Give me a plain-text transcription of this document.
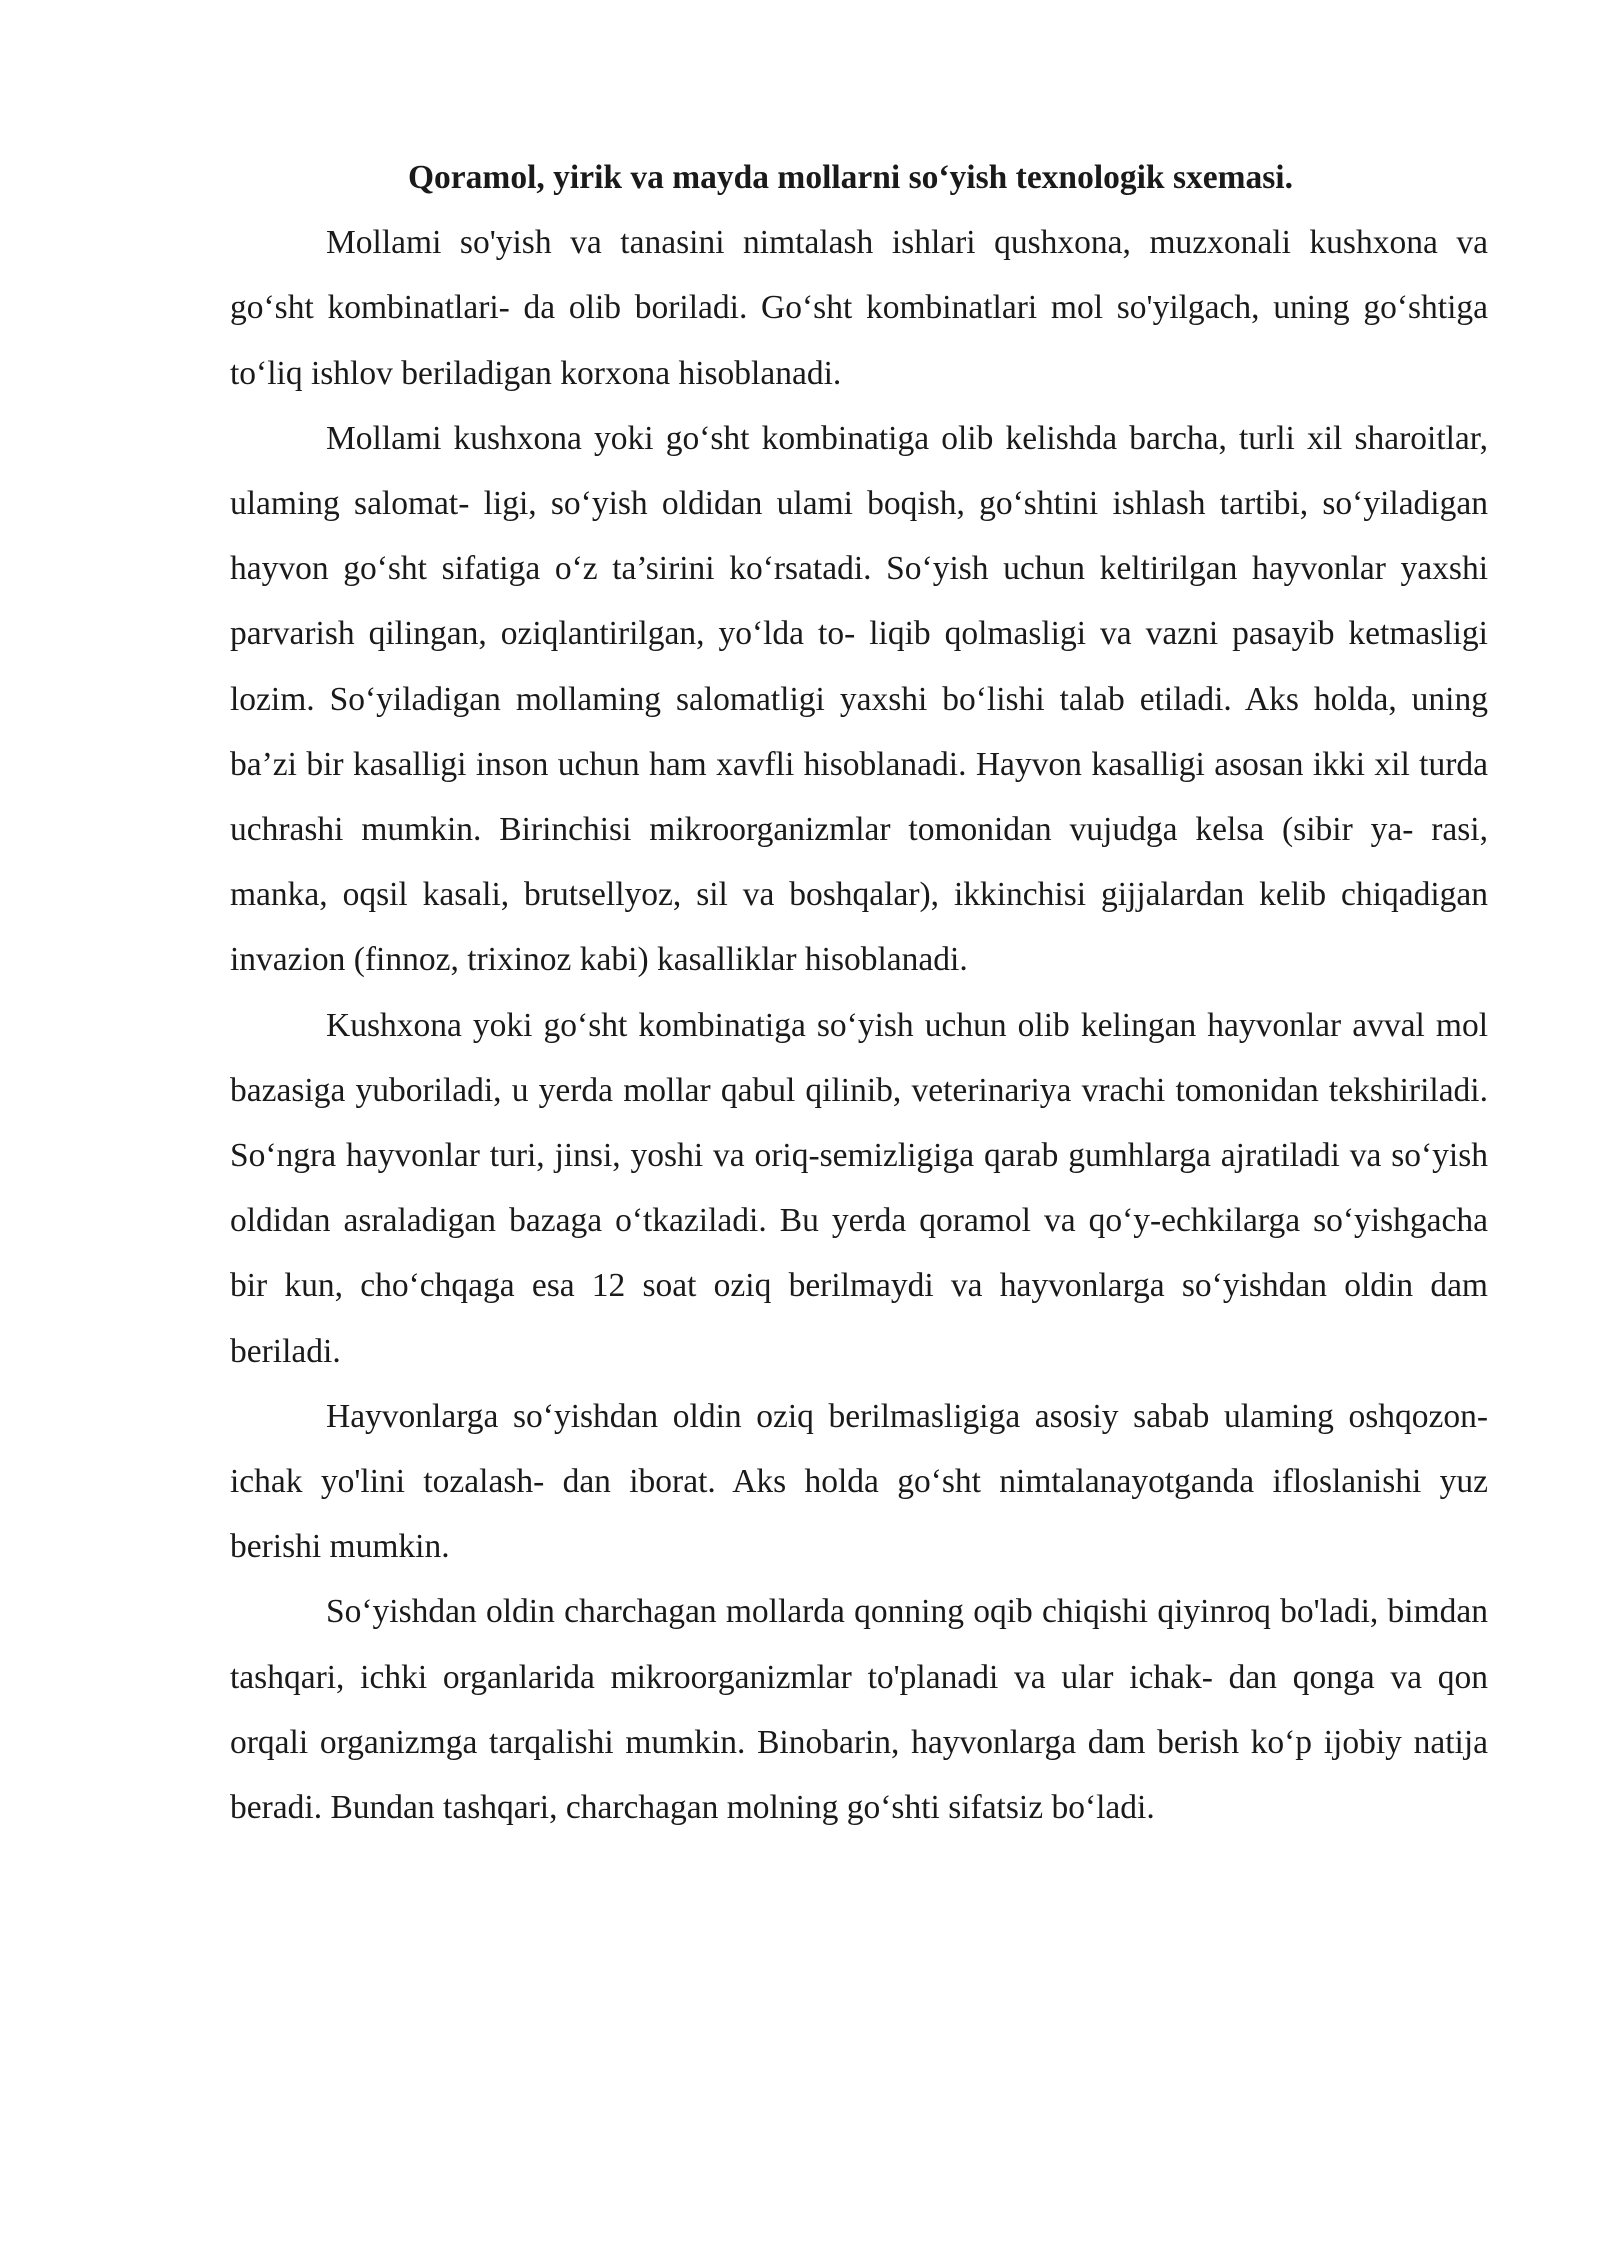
Qoramol, yirik va mayda mollarni so‘yish texnologik sxemasi.

Mollami so'yish va tanasini nimtalash ishlari qushxona, muzxonali kushxona va go‘sht kombinatlari- da olib boriladi. Go‘sht kombinatlari mol so'yilgach, uning go‘shtiga to‘liq ishlov beriladigan korxona hisoblanadi.

Mollami kushxona yoki go‘sht kombinatiga olib kelishda barcha, turli xil sharoitlar, ulaming salomat- ligi, so‘yish oldidan ulami boqish, go‘shtini ishlash tartibi, so‘yiladigan hayvon go‘sht sifatiga o‘z ta’sirini ko‘rsatadi. So‘yish uchun keltirilgan hayvonlar yaxshi parvarish qilingan, oziqlantirilgan, yo‘lda to- liqib qolmasligi va vazni pasayib ketmasligi lozim. So‘yiladigan mollaming salomatligi yaxshi bo‘lishi talab etiladi. Aks holda, uning ba’zi bir kasalligi inson uchun ham xavfli hisoblanadi. Hayvon kasalligi asosan ikki xil turda uchrashi mumkin. Birinchisi mikroorganizmlar tomonidan vujudga kelsa (sibir ya- rasi, manka, oqsil kasali, brutsellyoz, sil va boshqalar), ikkinchisi gijjalardan kelib chiqadigan invazion (finnoz, trixinoz kabi) kasalliklar hisoblanadi.

Kushxona yoki go‘sht kombinatiga so‘yish uchun olib kelingan hayvonlar avval mol bazasiga yuboriladi, u yerda mollar qabul qilinib, veterinariya vrachi tomonidan tekshiriladi. So‘ngra hayvonlar turi, jinsi, yoshi va oriq-semizligiga qarab gumhlarga ajratiladi va so‘yish oldidan asraladigan bazaga o‘tkaziladi. Bu yerda qoramol va qo‘y-echkilarga so‘yishgacha bir kun, cho‘chqaga esa 12 soat oziq berilmaydi va hayvonlarga so‘yishdan oldin dam beriladi.

Hayvonlarga so‘yishdan oldin oziq berilmasligiga asosiy sabab ulaming oshqozon-ichak yo'lini tozalash- dan iborat. Aks holda go‘sht nimtalanayotganda ifloslanishi yuz berishi mumkin.

So‘yishdan oldin charchagan mollarda qonning oqib chiqishi qiyinroq bo'ladi, bimdan tashqari, ichki organlarida mikroorganizmlar to'planadi va ular ichak- dan qonga va qon orqali organizmga tarqalishi mumkin. Binobarin, hayvonlarga dam berish ko‘p ijobiy natija beradi. Bundan tashqari, charchagan molning go‘shti sifatsiz bo‘ladi.
